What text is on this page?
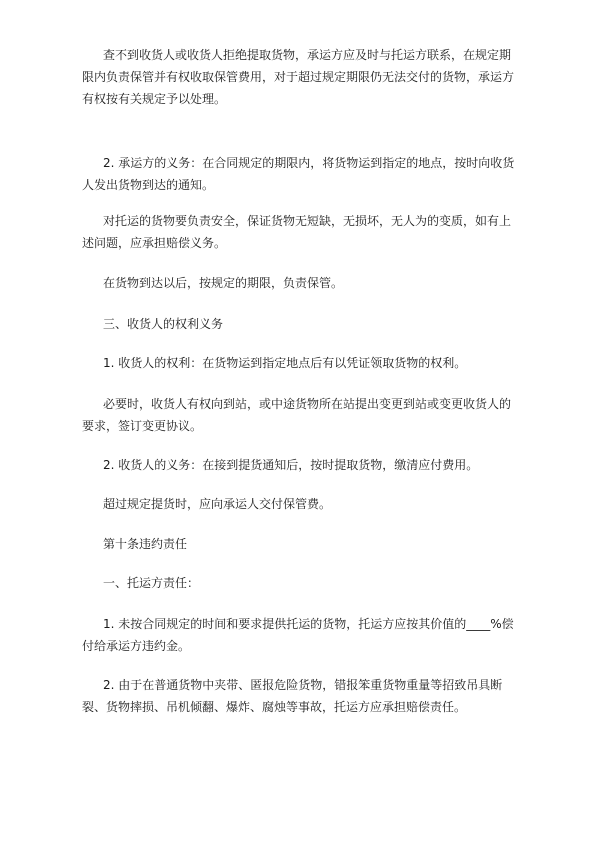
查不到收货人或收货人拒绝提取货物，承运方应及时与托运方联系，在规定期限内负责保管并有权收取保管费用，对于超过规定期限仍无法交付的货物，承运方有权按有关规定予以处理。

2. 承运方的义务：在合同规定的期限内，将货物运到指定的地点，按时向收货人发出货物到达的通知。

对托运的货物要负责安全，保证货物无短缺，无损坏，无人为的变质，如有上述问题，应承担赔偿义务。

在货物到达以后，按规定的期限，负责保管。

三、收货人的权利义务

1. 收货人的权利：在货物运到指定地点后有以凭证领取货物的权利。

必要时，收货人有权向到站，或中途货物所在站提出变更到站或变更收货人的要求，签订变更协议。

2. 收货人的义务：在接到提货通知后，按时提取货物，缴清应付费用。

超过规定提货时，应向承运人交付保管费。

第十条违约责任

一、托运方责任：

1. 未按合同规定的时间和要求提供托运的货物，托运方应按其价值的____%偿付给承运方违约金。

2. 由于在普通货物中夹带、匿报危险货物，错报笨重货物重量等招致吊具断裂、货物摔损、吊机倾翻、爆炸、腐烛等事故，托运方应承担赔偿责任。
